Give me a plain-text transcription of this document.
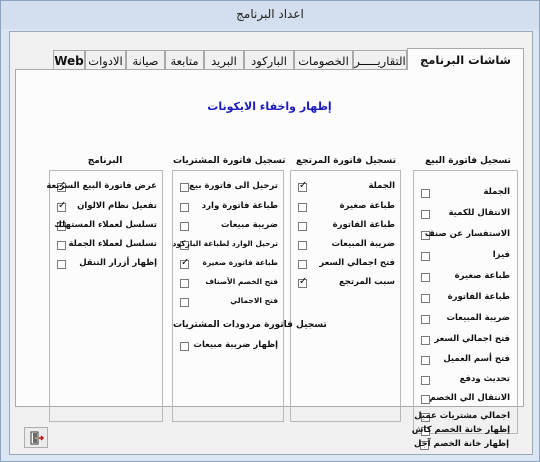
اعداد البرنامج
شاشات البرنامج
التقاريـــــر
الخصومات
الباركود
البريد
متابعة
صيانة
الادوات
Web
إظهار واخفاء الايكونات
تسجيل فاتورة البيع
الجملة
الانتقال للكمية
الاستفسار عن صنف
فيزا
طباعة صغيرة
طباعة الفاتورة
ضريبة المبيعات
فتح اجمالي السعر
فتح أسم العميل
تحديث ودفع
الانتقال الي الخصم
اجمالي مشتريات عميل
إظهار خانة الخصم كاش
إظهار خانة الخصم آجل
تسجيل فاتورة المرتجع
✓
الجملة
طباعة صغيرة
طباعة الفاتورة
ضريبة المبيعات
فتح اجمالي السعر
✓
سبب المرتجع
تسجيل فاتورة المشتريات
ترحيل الى فاتورة بيع
طباعة فاتورة وارد
ضريبة مبيعات
ترحيل الوارد لطباعة الباركود
✓
طباعة فاتورة صغيرة
فتح الخصم الأصناف
فتح الاجمالي
تسجيل فاتورة مردودات المشتريات
إظهار ضريبة مبيعات
البرنامج
✓
عرض فاتورة البيع السريعة
✓
تفعيل نظام الالوان
تسلسل لعملاء المستهلك
تسلسل لعملاء الجملة
إظهار أزرار التنقل
